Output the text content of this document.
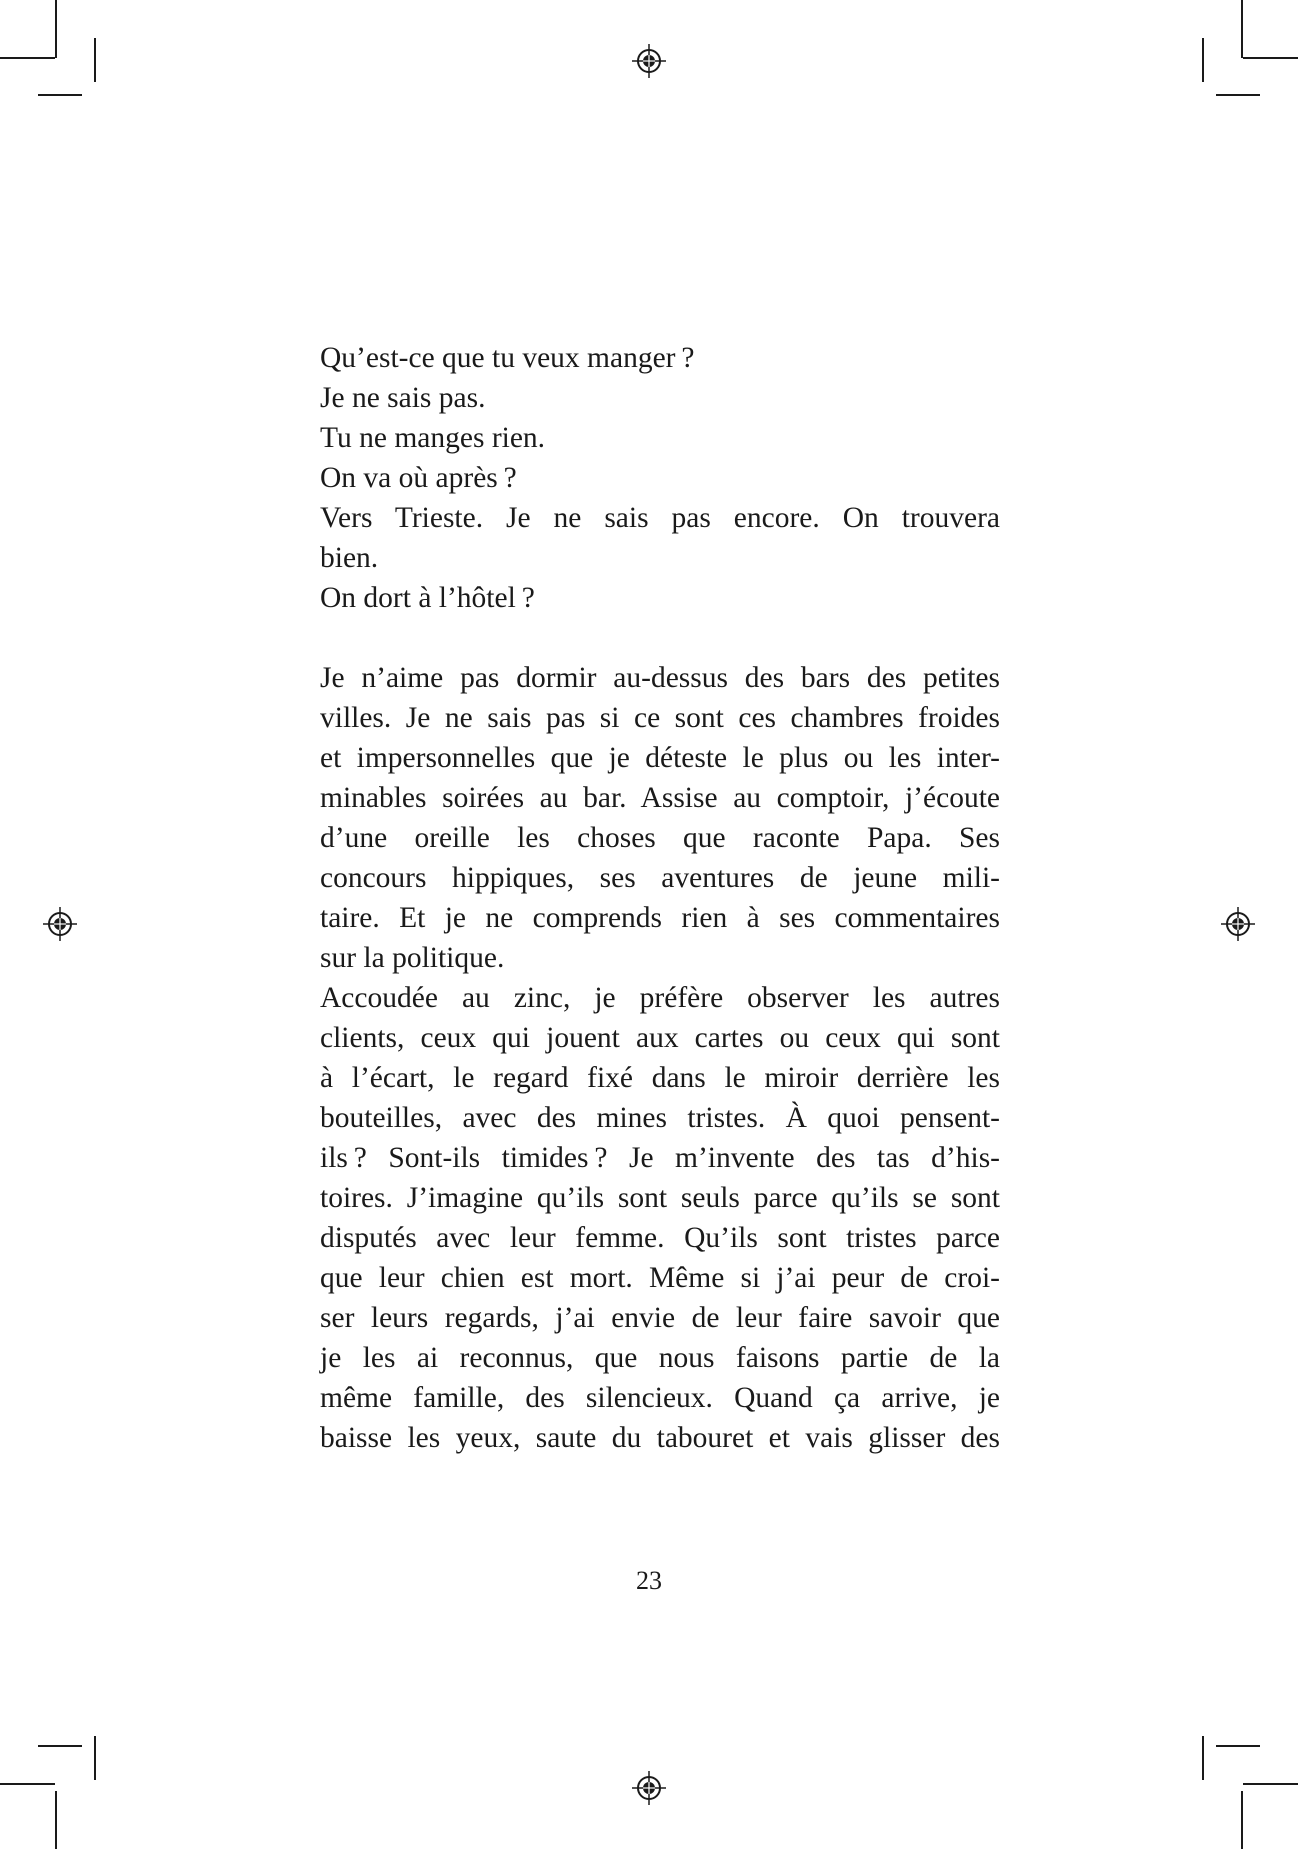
Qu’est-ce que tu veux manger ?
Je ne sais pas.
Tu ne manges rien.
On va où après ?
Vers Trieste. Je ne sais pas encore. On trouvera
bien.
On dort à l’hôtel ?
Je n’aime pas dormir au-dessus des bars des petites
villes. Je ne sais pas si ce sont ces chambres froides
et impersonnelles que je déteste le plus ou les inter-
minables soirées au bar. Assise au comptoir, j’écoute
d’une oreille les choses que raconte Papa. Ses
concours hippiques, ses aventures de jeune mili-
taire. Et je ne comprends rien à ses commentaires
sur la politique.
Accoudée au zinc, je préfère observer les autres
clients, ceux qui jouent aux cartes ou ceux qui sont
à l’écart, le regard fixé dans le miroir derrière les
bouteilles, avec des mines tristes. À quoi pensent-
ils ? Sont-ils timides ? Je m’invente des tas d’his-
toires. J’imagine qu’ils sont seuls parce qu’ils se sont
disputés avec leur femme. Qu’ils sont tristes parce
que leur chien est mort. Même si j’ai peur de croi-
ser leurs regards, j’ai envie de leur faire savoir que
je les ai reconnus, que nous faisons partie de la
même famille, des silencieux. Quand ça arrive, je
baisse les yeux, saute du tabouret et vais glisser des
23
